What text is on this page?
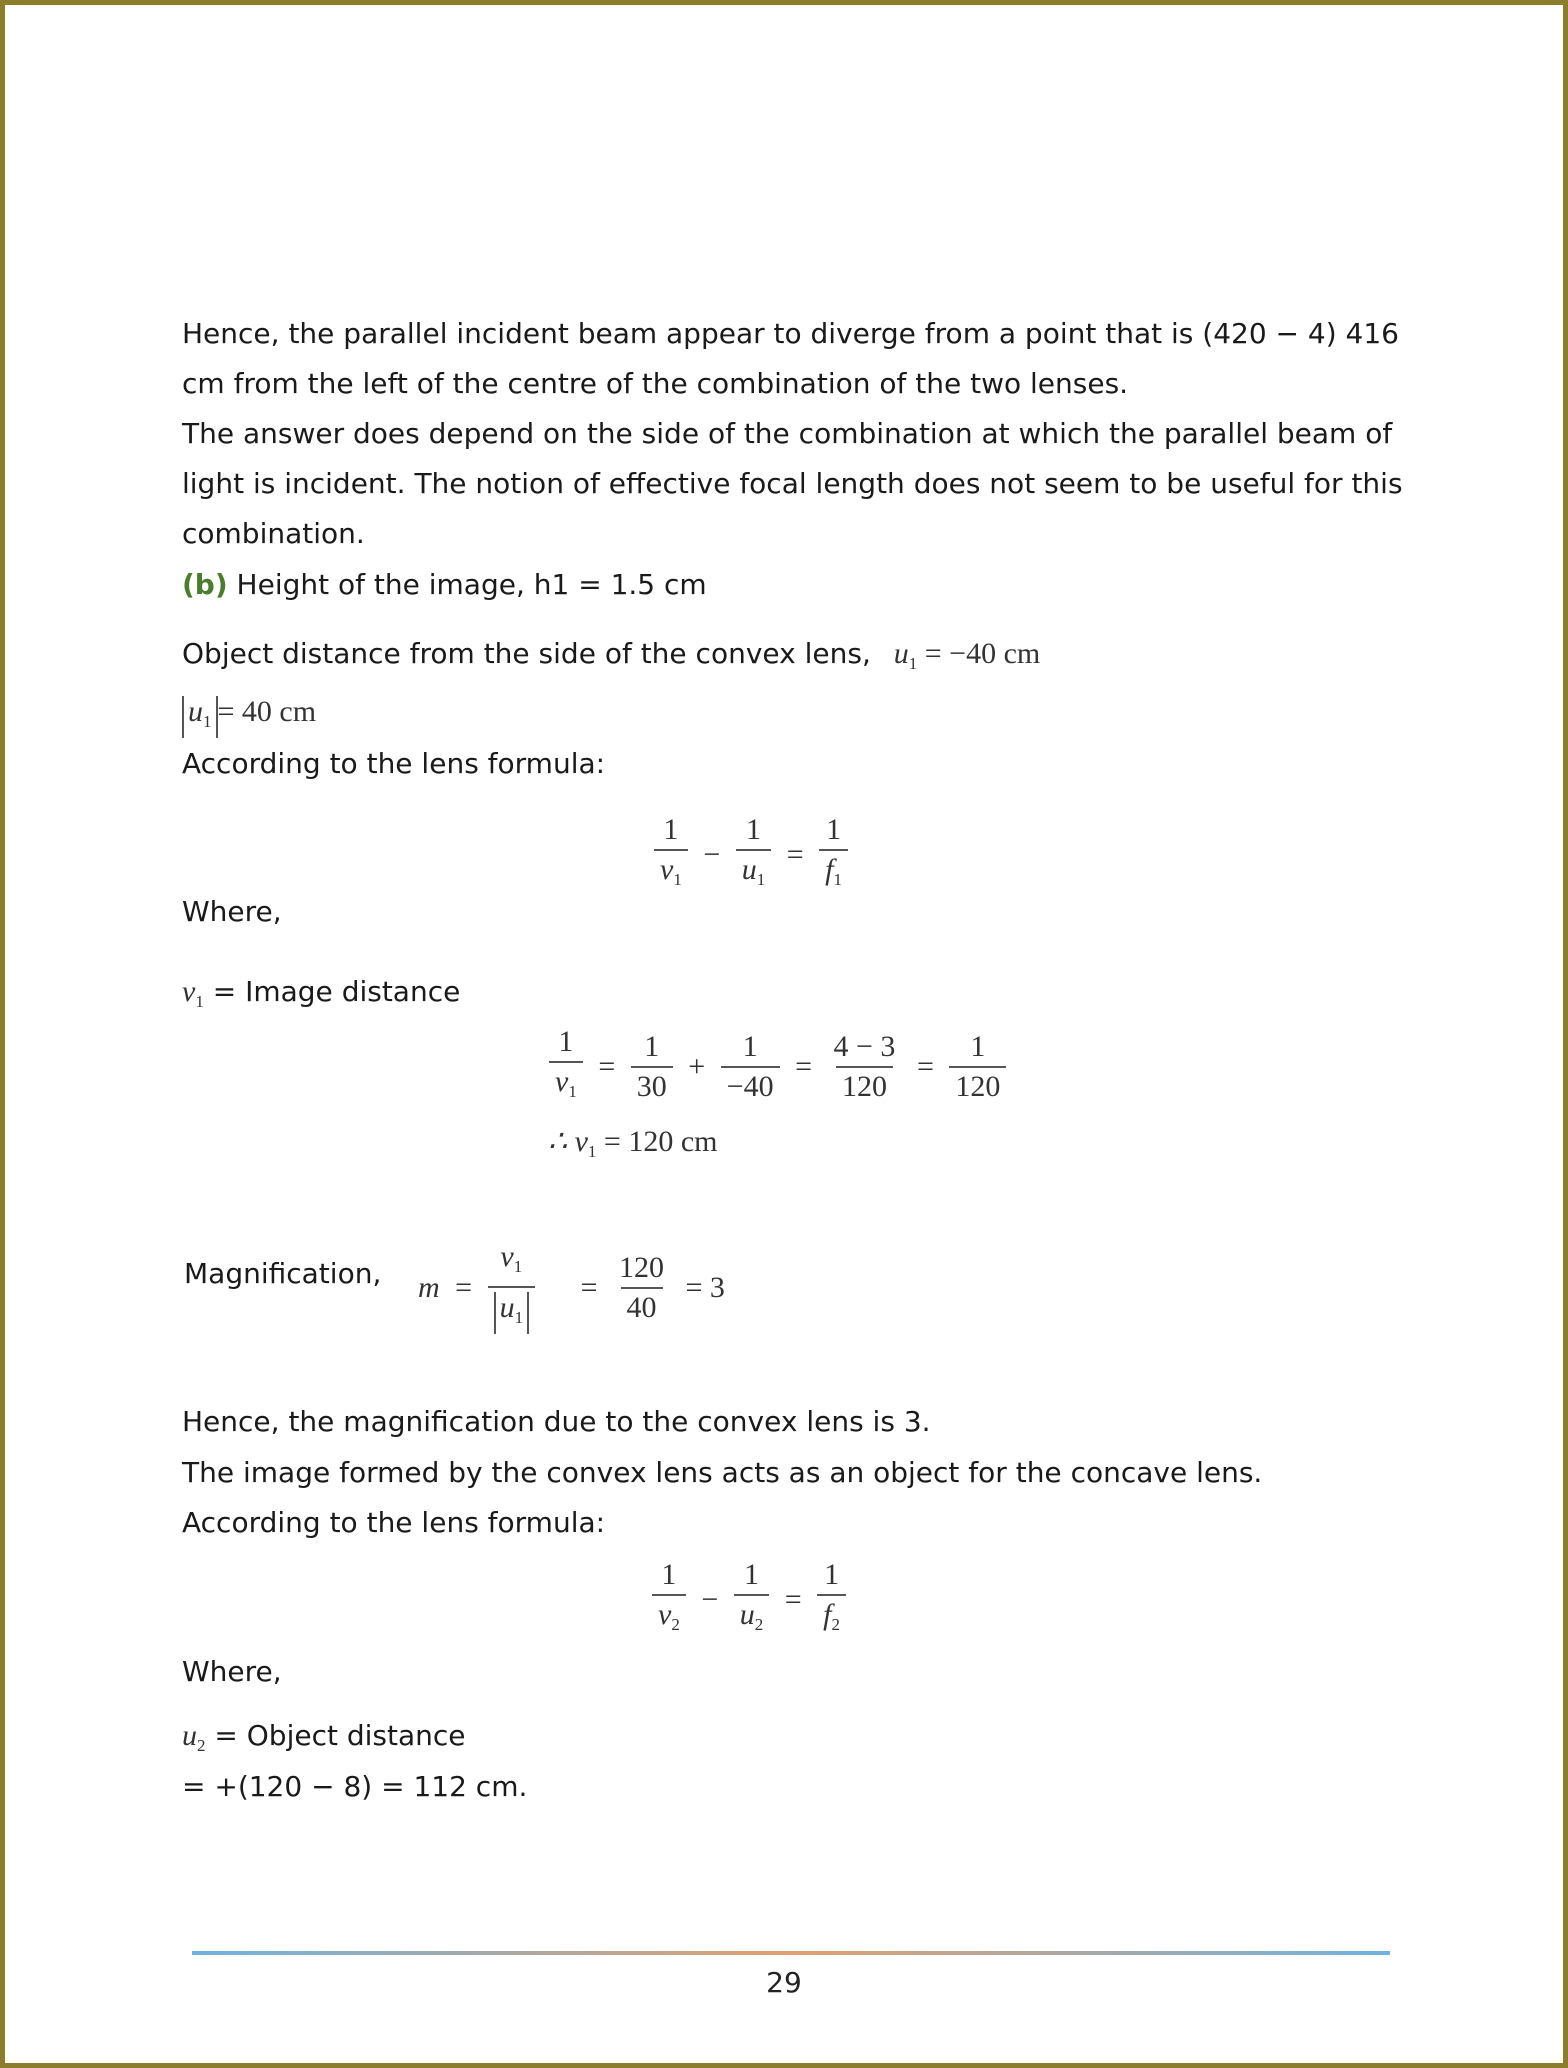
Hence, the parallel incident beam appear to diverge from a point that is (420 − 4) 416
cm from the left of the centre of the combination of the two lenses.
The answer does depend on the side of the combination at which the parallel beam of
light is incident. The notion of effective focal length does not seem to be useful for this
combination.
(b) Height of the image, h1 = 1.5 cm
Object distance from the side of the convex lens, $u_1 = -40$ cm
$u_1 = 40$ cm
According to the lens formula:
$\frac{1}{v_1} - \frac{1}{u_1} = \frac{1}{f_1}$
Where,
$v_1$ = Image distance
$\frac{1}{v_1} = \frac{1}{30} + \frac{1}{-40} = \frac{4 - 3}{120} = \frac{1}{120}$
∴ $v_1 = 120$ cm
Magnification, $m = \frac{v_1}{u_1} = \frac{120}{40} = 3$
Hence, the magnification due to the convex lens is 3.
The image formed by the convex lens acts as an object for the concave lens.
According to the lens formula:
$\frac{1}{v_2} - \frac{1}{u_2} = \frac{1}{f_2}$
Where,
$u_2$ = Object distance
= +(120 − 8) = 112 cm.
29
